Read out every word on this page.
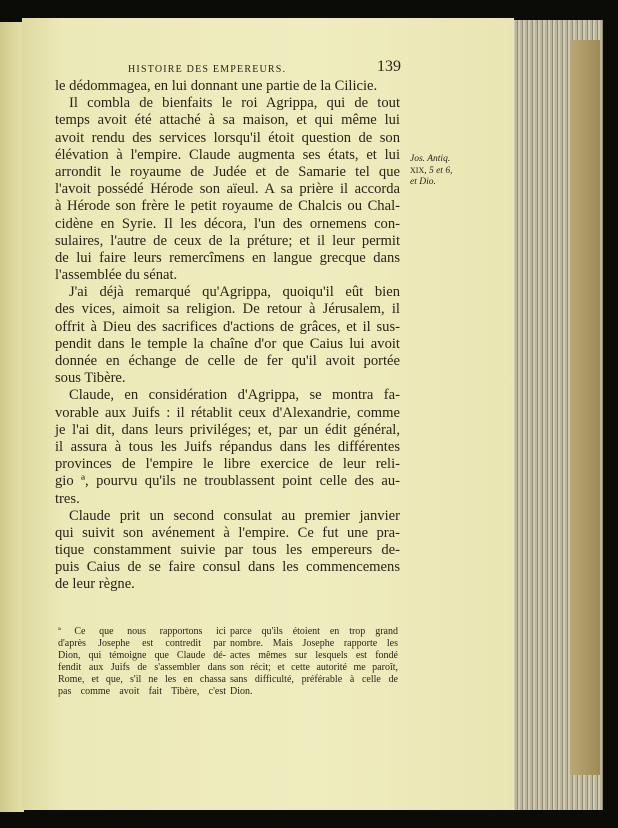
HISTOIRE DES EMPEREURS.	139
le dédommagea, en lui donnant une partie de la Cilicie.
Il combla de bienfaits le roi Agrippa, qui de tout
temps avoit été attaché à sa maison, et qui même lui
avoit rendu des services lorsqu'il étoit question de son
élévation à l'empire. Claude augmenta ses états, et lui
arrondit le royaume de Judée et de Samarie tel que
l'avoit possédé Hérode son aïeul. A sa prière il accorda
à Hérode son frère le petit royaume de Chalcis ou Chal-
cidène en Syrie. Il les décora, l'un des ornemens con-
sulaires, l'autre de ceux de la préture; et il leur permit
de lui faire leurs remercîmens en langue grecque dans
l'assemblée du sénat.
J'ai déjà remarqué qu'Agrippa, quoiqu'il eût bien
des vices, aimoit sa religion. De retour à Jérusalem, il
offrit à Dieu des sacrifices d'actions de grâces, et il sus-
pendit dans le temple la chaîne d'or que Caius lui avoit
donnée en échange de celle de fer qu'il avoit portée
sous Tibère.
Claude, en considération d'Agrippa, se montra fa-
vorable aux Juifs : il rétablit ceux d'Alexandrie, comme
je l'ai dit, dans leurs priviléges; et, par un édit général,
il assura à tous les Juifs répandus dans les différentes
provinces de l'empire le libre exercice de leur reli-
gio ª, pourvu qu'ils ne troublassent point celle des au-
tres.
Claude prit un second consulat au premier janvier
qui suivit son avénement à l'empire. Ce fut une pra-
tique constamment suivie par tous les empereurs de-
puis Caius de se faire consul dans les commencemens
de leur règne.
Jos. Antiq.
XIX, 5 et 6,
et Dio.
ª Ce que nous rapportons ici
d'après Josephe est contredit par
Dion, qui témoigne que Claude dé-
fendit aux Juifs de s'assembler dans
Rome, et que, s'il ne les en chassa
pas comme avoit fait Tibère, c'est
parce qu'ils étoient en trop grand
nombre. Mais Josephe rapporte les
actes mêmes sur lesquels est fondé
son récit; et cette autorité me paroît,
sans difficulté, préférable à celle de
Dion.
